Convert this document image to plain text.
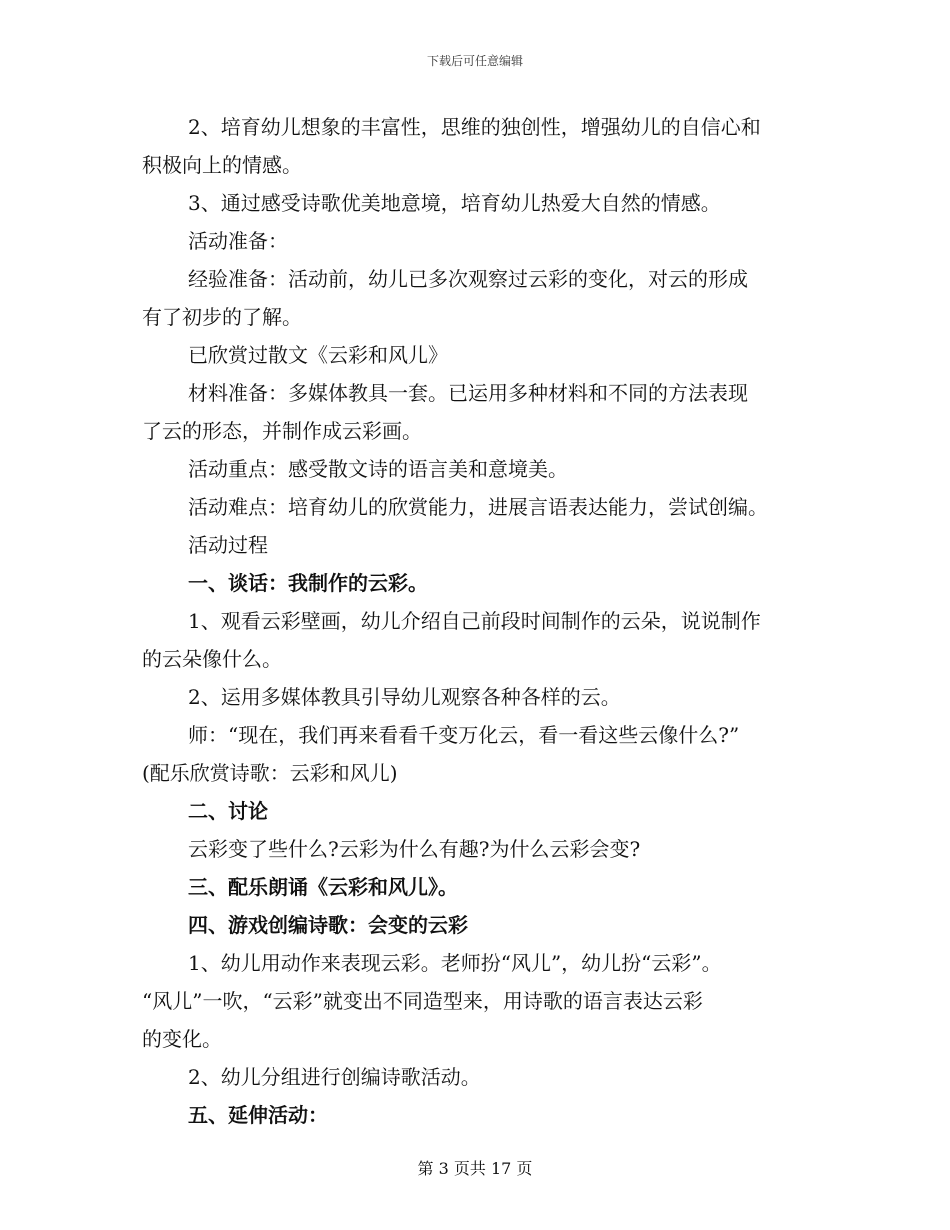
下载后可任意编辑
2、培育幼儿想象的丰富性，思维的独创性，增强幼儿的自信心和
积极向上的情感。
3、通过感受诗歌优美地意境，培育幼儿热爱大自然的情感。
活动准备：
经验准备：活动前，幼儿已多次观察过云彩的变化，对云的形成
有了初步的了解。
已欣赏过散文《云彩和风儿》
材料准备：多媒体教具一套。已运用多种材料和不同的方法表现
了云的形态，并制作成云彩画。
活动重点：感受散文诗的语言美和意境美。
活动难点：培育幼儿的欣赏能力，进展言语表达能力，尝试创编。
活动过程
一、谈话：我制作的云彩。
1、观看云彩壁画，幼儿介绍自己前段时间制作的云朵，说说制作
的云朵像什么。
2、运用多媒体教具引导幼儿观察各种各样的云。
师：“现在，我们再来看看千变万化云，看一看这些云像什么?”
(配乐欣赏诗歌：云彩和风儿)
二、讨论
云彩变了些什么?云彩为什么有趣?为什么云彩会变?
三、配乐朗诵《云彩和风儿》。
四、游戏创编诗歌：会变的云彩
1、幼儿用动作来表现云彩。老师扮“风儿”，幼儿扮“云彩”。
“风儿”一吹，“云彩”就变出不同造型来，用诗歌的语言表达云彩
的变化。
2、幼儿分组进行创编诗歌活动。
五、延伸活动：
第 3 页共 17 页
